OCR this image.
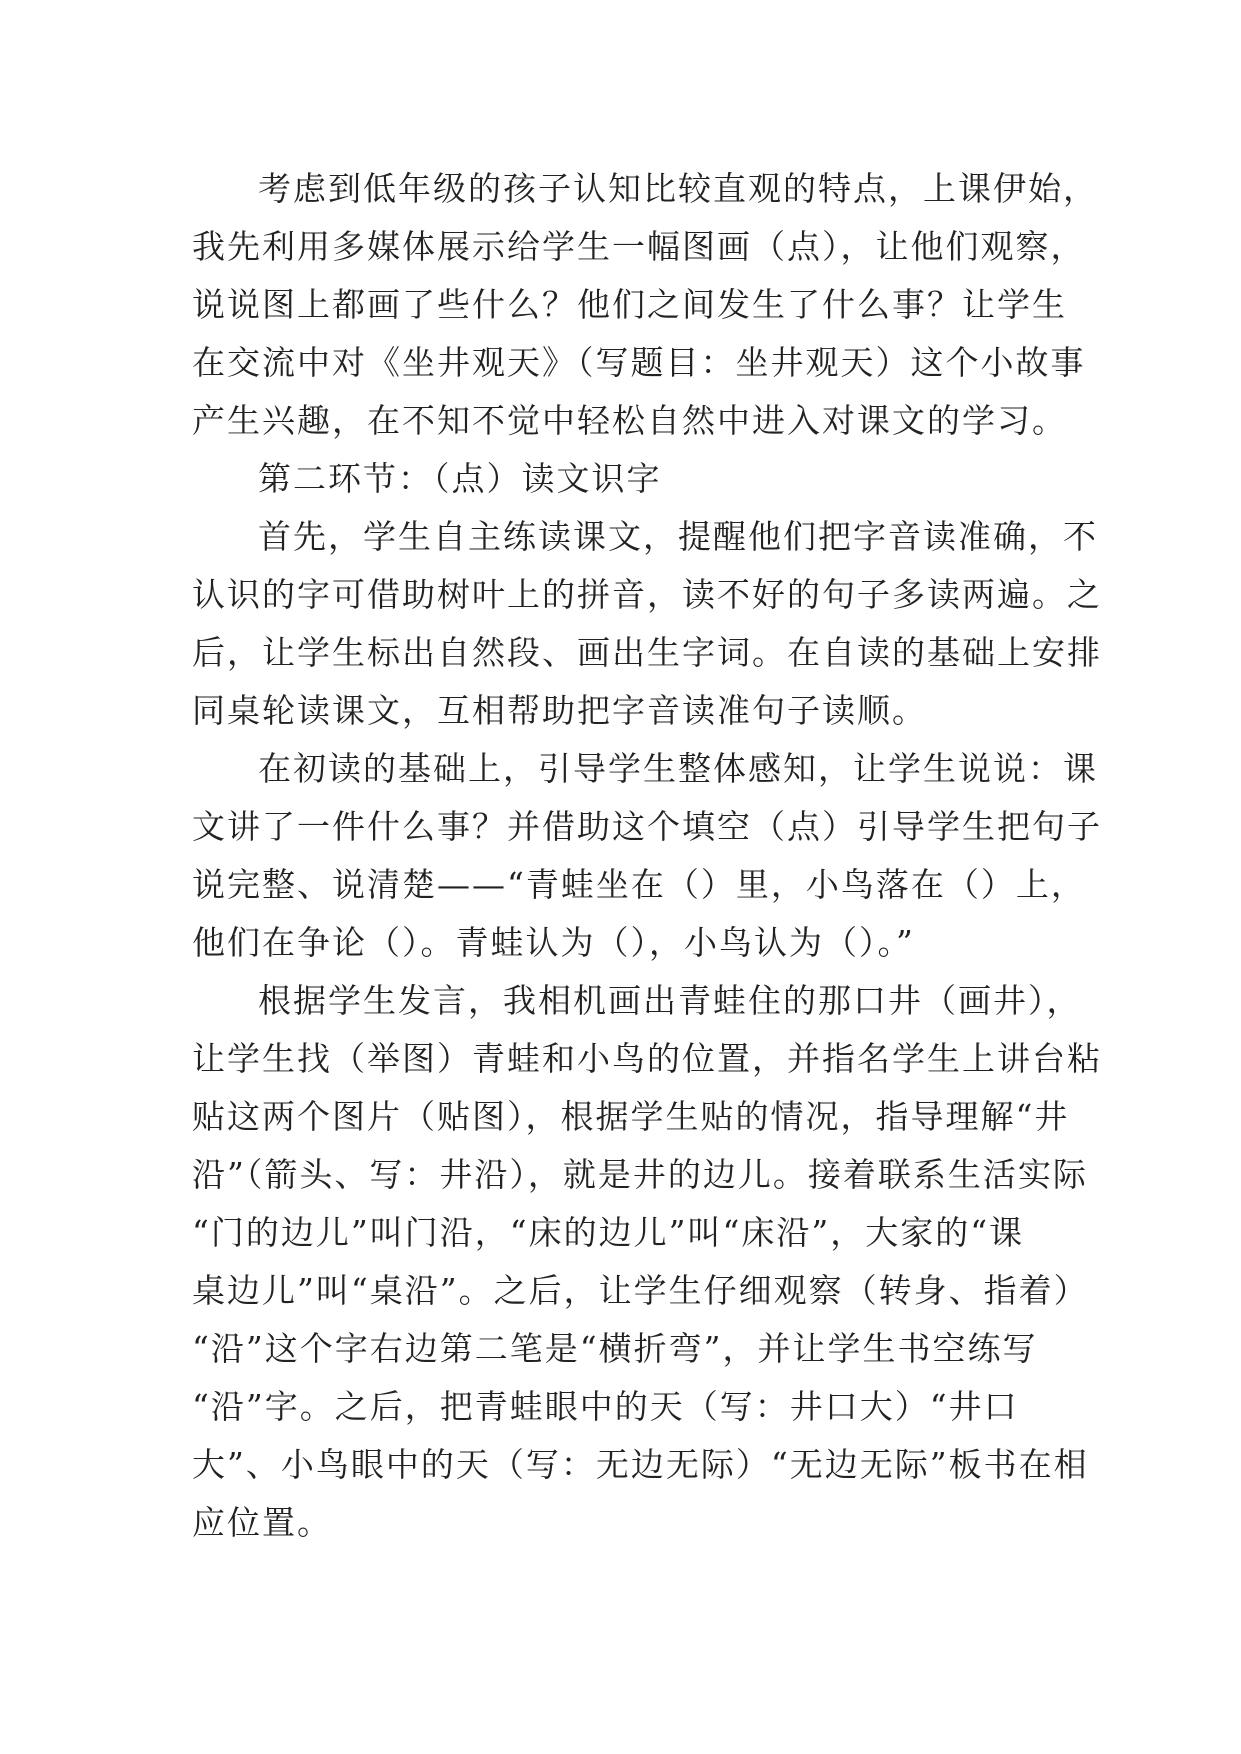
考虑到低年级的孩子认知比较直观的特点，上课伊始，
我先利用多媒体展示给学生一幅图画（点），让他们观察，
说说图上都画了些什么？他们之间发生了什么事？让学生
在交流中对《坐井观天》（写题目：坐井观天）这个小故事
产生兴趣，在不知不觉中轻松自然中进入对课文的学习。
第二环节：（点）读文识字
首先，学生自主练读课文，提醒他们把字音读准确，不
认识的字可借助树叶上的拼音，读不好的句子多读两遍。之
后，让学生标出自然段、画出生字词。在自读的基础上安排
同桌轮读课文，互相帮助把字音读准句子读顺。
在初读的基础上，引导学生整体感知，让学生说说：课
文讲了一件什么事？并借助这个填空（点）引导学生把句子
说完整、说清楚——“青蛙坐在（）里，小鸟落在（）上，
他们在争论（）。青蛙认为（），小鸟认为（）。”
根据学生发言，我相机画出青蛙住的那口井（画井），
让学生找（举图）青蛙和小鸟的位置，并指名学生上讲台粘
贴这两个图片（贴图），根据学生贴的情况，指导理解“井
沿”（箭头、写：井沿），就是井的边儿。接着联系生活实际
“门的边儿”叫门沿，“床的边儿”叫“床沿”，大家的“课
桌边儿”叫“桌沿”。之后，让学生仔细观察（转身、指着）
“沿”这个字右边第二笔是“横折弯”，并让学生书空练写
“沿”字。之后，把青蛙眼中的天（写：井口大）“井口
大”、小鸟眼中的天（写：无边无际）“无边无际”板书在相
应位置。
